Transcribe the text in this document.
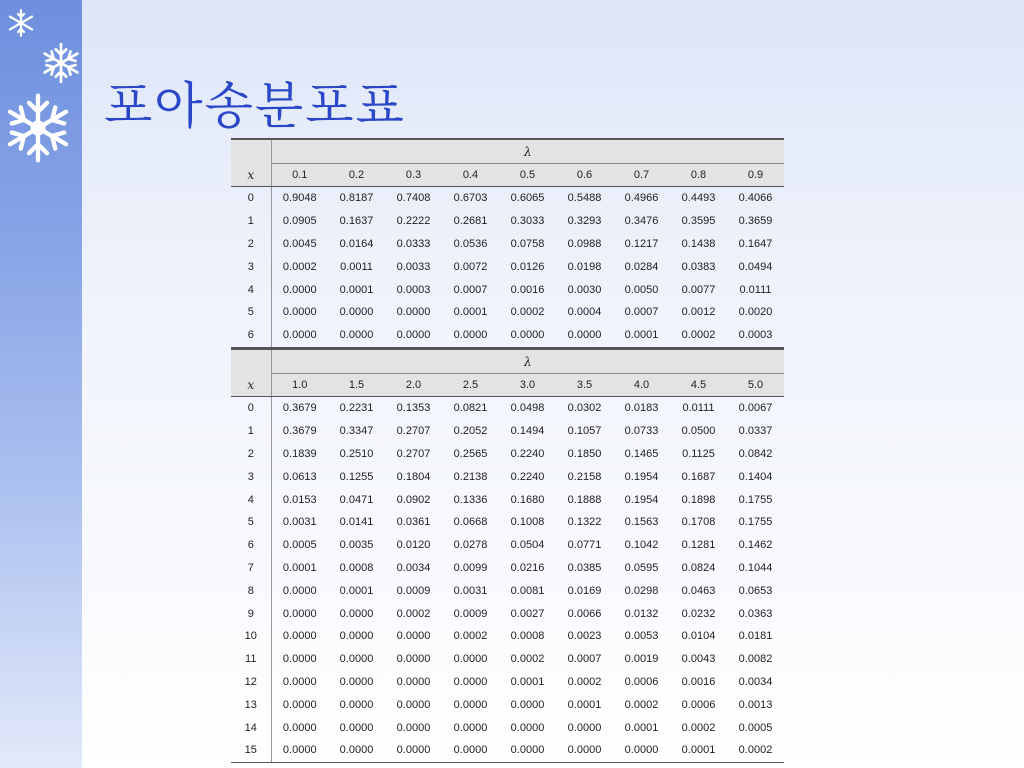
포아송분포표
	λ								
x	0.1	0.2	0.3	0.4	0.5	0.6	0.7	0.8	0.9
0	0.9048	0.8187	0.7408	0.6703	0.6065	0.5488	0.4966	0.4493	0.4066
1	0.0905	0.1637	0.2222	0.2681	0.3033	0.3293	0.3476	0.3595	0.3659
2	0.0045	0.0164	0.0333	0.0536	0.0758	0.0988	0.1217	0.1438	0.1647
3	0.0002	0.0011	0.0033	0.0072	0.0126	0.0198	0.0284	0.0383	0.0494
4	0.0000	0.0001	0.0003	0.0007	0.0016	0.0030	0.0050	0.0077	0.0111
5	0.0000	0.0000	0.0000	0.0001	0.0002	0.0004	0.0007	0.0012	0.0020
6	0.0000	0.0000	0.0000	0.0000	0.0000	0.0000	0.0001	0.0002	0.0003
	λ								
x	1.0	1.5	2.0	2.5	3.0	3.5	4.0	4.5	5.0
0	0.3679	0.2231	0.1353	0.0821	0.0498	0.0302	0.0183	0.0111	0.0067
1	0.3679	0.3347	0.2707	0.2052	0.1494	0.1057	0.0733	0.0500	0.0337
2	0.1839	0.2510	0.2707	0.2565	0.2240	0.1850	0.1465	0.1125	0.0842
3	0.0613	0.1255	0.1804	0.2138	0.2240	0.2158	0.1954	0.1687	0.1404
4	0.0153	0.0471	0.0902	0.1336	0.1680	0.1888	0.1954	0.1898	0.1755
5	0.0031	0.0141	0.0361	0.0668	0.1008	0.1322	0.1563	0.1708	0.1755
6	0.0005	0.0035	0.0120	0.0278	0.0504	0.0771	0.1042	0.1281	0.1462
7	0.0001	0.0008	0.0034	0.0099	0.0216	0.0385	0.0595	0.0824	0.1044
8	0.0000	0.0001	0.0009	0.0031	0.0081	0.0169	0.0298	0.0463	0.0653
9	0.0000	0.0000	0.0002	0.0009	0.0027	0.0066	0.0132	0.0232	0.0363
10	0.0000	0.0000	0.0000	0.0002	0.0008	0.0023	0.0053	0.0104	0.0181
11	0.0000	0.0000	0.0000	0.0000	0.0002	0.0007	0.0019	0.0043	0.0082
12	0.0000	0.0000	0.0000	0.0000	0.0001	0.0002	0.0006	0.0016	0.0034
13	0.0000	0.0000	0.0000	0.0000	0.0000	0.0001	0.0002	0.0006	0.0013
14	0.0000	0.0000	0.0000	0.0000	0.0000	0.0000	0.0001	0.0002	0.0005
15	0.0000	0.0000	0.0000	0.0000	0.0000	0.0000	0.0000	0.0001	0.0002
